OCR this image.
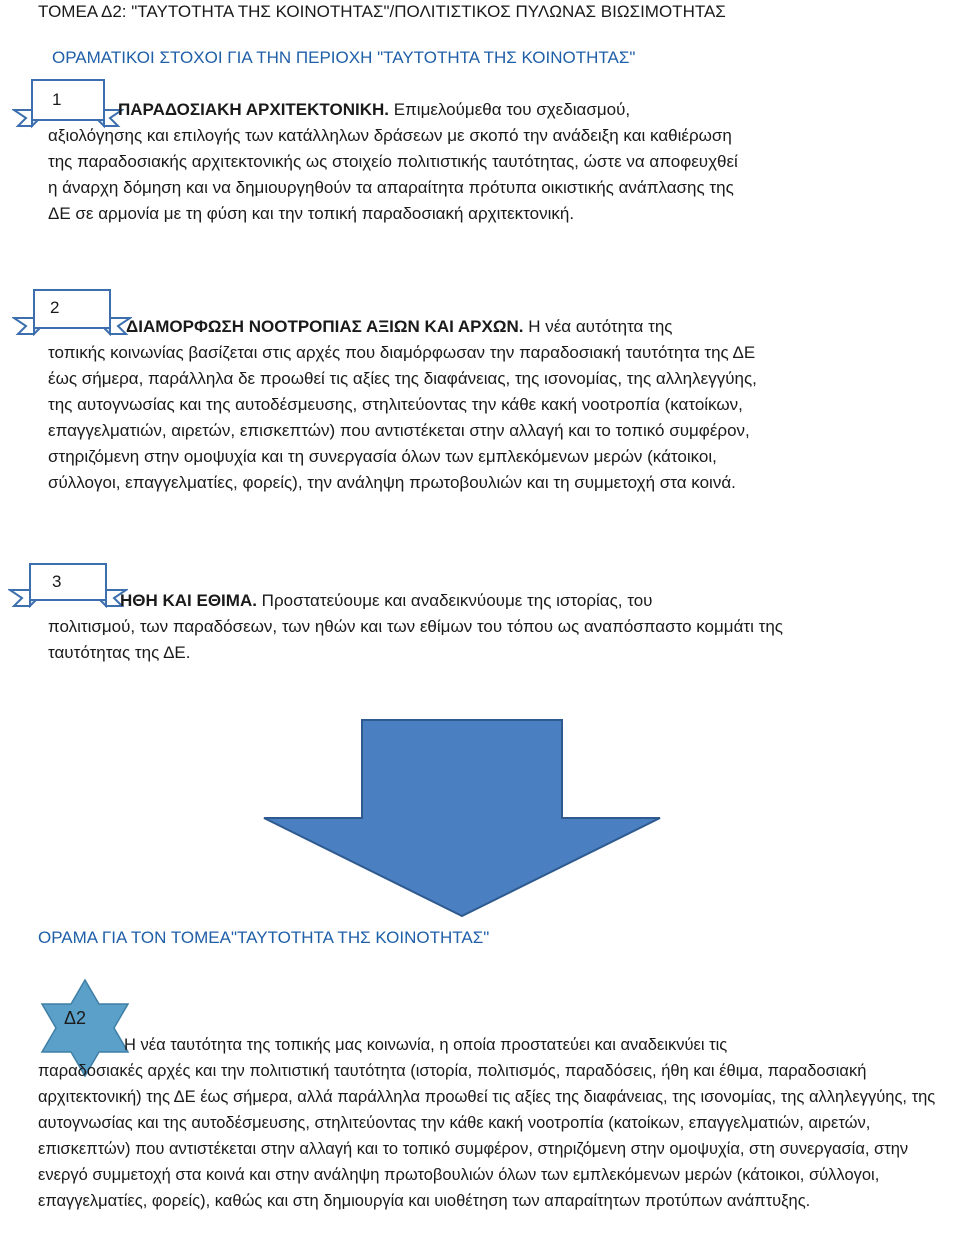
ΤΟΜΕΑ Δ2: "ΤΑΥΤΟΤΗΤΑ ΤΗΣ ΚΟΙΝΟΤΗΤΑΣ"/ΠΟΛΙΤΙΣΤΙΚΟΣ ΠΥΛΩΝΑΣ ΒΙΩΣΙΜΟΤΗΤΑΣ
ΟΡΑΜΑΤΙΚΟΙ ΣΤΟΧΟΙ ΓΙΑ ΤΗΝ ΠΕΡΙΟΧΗ "ΤΑΥΤΟΤΗΤΑ ΤΗΣ ΚΟΙΝΟΤΗΤΑΣ"
1

ΠΑΡΑΔΟΣΙΑΚΗ ΑΡΧΙΤΕΚΤΟΝΙΚΗ. Επιμελούμεθα του σχεδιασμού,

αξιολόγησης και επιλογής των κατάλληλων δράσεων με σκοπό την ανάδειξη και καθιέρωση της παραδοσιακής αρχιτεκτονικής ως στοιχείο πολιτιστικής ταυτότητας, ώστε να αποφευχθεί η άναρχη δόμηση και να δημιουργηθούν τα απαραίτητα πρότυπα οικιστικής ανάπλασης της ΔΕ σε αρμονία με τη φύση και την τοπική παραδοσιακή αρχιτεκτονική.

2

ΔΙΑΜΟΡΦΩΣΗ ΝΟΟΤΡΟΠΙΑΣ ΑΞΙΩΝ ΚΑΙ ΑΡΧΩΝ. Η νέα αυτότητα της

τοπικής κοινωνίας βασίζεται στις αρχές που διαμόρφωσαν την παραδοσιακή ταυτότητα της ΔΕ έως σήμερα, παράλληλα δε προωθεί τις αξίες της διαφάνειας, της ισονομίας, της αλληλεγγύης, της αυτογνωσίας και της αυτοδέσμευσης, στηλιτεύοντας την κάθε κακή νοοτροπία (κατοίκων, επαγγελματιών, αιρετών, επισκεπτών) που αντιστέκεται στην αλλαγή και το τοπικό συμφέρον, στηριζόμενη στην ομοψυχία και τη συνεργασία όλων των εμπλεκόμενων μερών (κάτοικοι, σύλλογοι, επαγγελματίες, φορείς), την ανάληψη πρωτοβουλιών και τη συμμετοχή στα κοινά.

3

ΗΘΗ ΚΑΙ ΕΘΙΜΑ. Προστατεύουμε και αναδεικνύουμε της ιστορίας, του

πολιτισμού, των παραδόσεων, των ηθών και των εθίμων του τόπου ως αναπόσπαστο κομμάτι της ταυτότητας της ΔΕ.

ΟΡΑΜΑ ΓΙΑ ΤΟΝ ΤΟΜΕΑ"ΤΑΥΤΟΤΗΤΑ ΤΗΣ ΚΟΙΝΟΤΗΤΑΣ"
Δ2

Η νέα ταυτότητα της τοπικής μας κοινωνία, η οποία προστατεύει και αναδεικνύει τις

παραδοσιακές αρχές και την πολιτιστική ταυτότητα (ιστορία, πολιτισμός, παραδόσεις, ήθη και έθιμα, παραδοσιακή αρχιτεκτονική) της ΔΕ έως σήμερα, αλλά παράλληλα προωθεί τις αξίες της διαφάνειας, της ισονομίας, της αλληλεγγύης, της αυτογνωσίας και της αυτοδέσμευσης, στηλιτεύοντας την κάθε κακή νοοτροπία (κατοίκων, επαγγελματιών, αιρετών, επισκεπτών) που αντιστέκεται στην αλλαγή και το τοπικό συμφέρον, στηριζόμενη στην ομοψυχία, στη συνεργασία, στην ενεργό συμμετοχή στα κοινά και στην ανάληψη πρωτοβουλιών όλων των εμπλεκόμενων μερών (κάτοικοι, σύλλογοι, επαγγελματίες, φορείς), καθώς και στη δημιουργία και υιοθέτηση των απαραίτητων προτύπων ανάπτυξης.
